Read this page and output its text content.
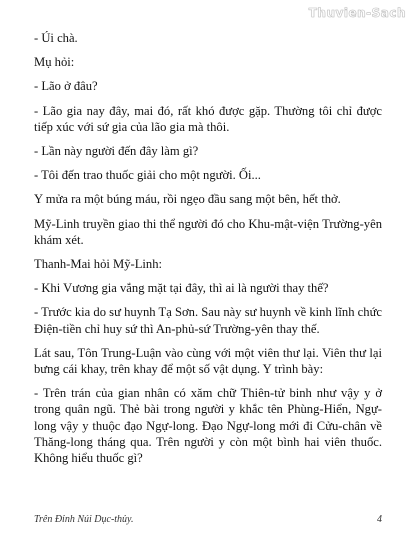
Thuvien-Sach

- Úi chà.

Mụ hỏi:

- Lão ở đâu?

- Lão gia nay đây, mai đó, rất khó được gặp. Thường tôi chỉ được tiếp xúc với sứ gia của lão gia mà thôi.

- Lần này người đến đây làm gì?

- Tôi đến trao thuốc giải cho một người. Ối...

Y mửa ra một búng máu, rồi ngẹo đầu sang một bên, hết thở.

Mỹ-Linh truyền giao thi thể người đó cho Khu-mật-viện Trường-yên khám xét.

Thanh-Mai hỏi Mỹ-Linh:

- Khi Vương gia vắng mặt tại đây, thì ai là người thay thế?

- Trước kia do sư huynh Tạ Sơn. Sau này sư huynh về kinh lĩnh chức Điện-tiền chỉ huy sứ thì An-phủ-sứ Trường-yên thay thế.

Lát sau, Tôn Trung-Luận vào cùng với một viên thư lại. Viên thư lại bưng cái khay, trên khay để một số vật dụng. Y trình bày:

- Trên trán của gian nhân có xăm chữ Thiên-tử binh như vậy y ở trong quân ngũ. Thẻ bài trong người y khắc tên Phùng-Hiển, Ngự-long vậy y thuộc đạo Ngự-long. Đạo Ngự-long mới đi Cửu-chân về Thăng-long tháng qua. Trên người y còn một bình hai viên thuốc. Không hiểu thuốc gì?

Trên Đỉnh Núi Dục-thủy.	4
